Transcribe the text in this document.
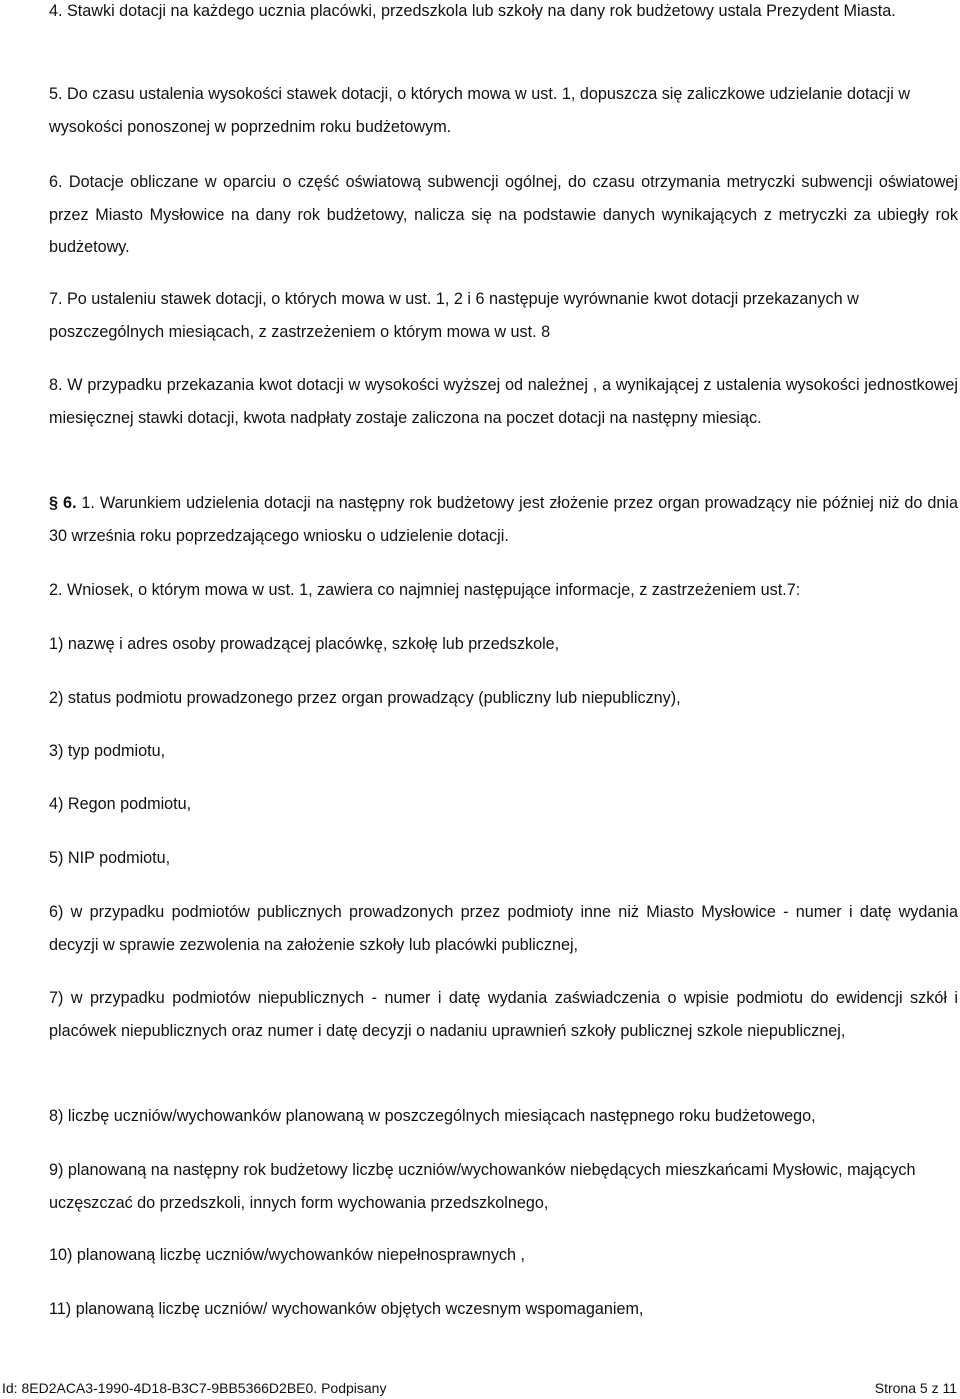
4. Stawki dotacji na każdego ucznia placówki, przedszkola lub szkoły na dany rok budżetowy ustala Prezydent Miasta.

5. Do czasu ustalenia wysokości stawek dotacji, o których mowa w ust. 1, dopuszcza się zaliczkowe udzielanie dotacji w wysokości ponoszonej w poprzednim roku budżetowym.

6. Dotacje obliczane w oparciu o część oświatową subwencji ogólnej, do czasu otrzymania metryczki subwencji oświatowej przez Miasto Mysłowice na dany rok budżetowy, nalicza się na podstawie danych wynikających z metryczki za ubiegły rok budżetowy.

7. Po ustaleniu stawek dotacji, o których mowa w ust. 1, 2 i 6 następuje wyrównanie kwot dotacji przekazanych w poszczególnych miesiącach, z zastrzeżeniem o którym mowa w ust. 8

8. W przypadku przekazania kwot dotacji w wysokości wyższej od należnej , a wynikającej z ustalenia wysokości jednostkowej miesięcznej stawki dotacji, kwota nadpłaty zostaje zaliczona na poczet dotacji na następny miesiąc.

§ 6. 1. Warunkiem udzielenia dotacji na następny rok budżetowy jest złożenie przez organ prowadzący nie później niż do dnia 30 września roku poprzedzającego wniosku o udzielenie dotacji.

2. Wniosek, o którym mowa w ust. 1, zawiera co najmniej następujące informacje, z zastrzeżeniem ust.7:

1) nazwę i adres osoby prowadzącej placówkę, szkołę lub przedszkole,

2) status podmiotu prowadzonego przez organ prowadzący (publiczny lub niepubliczny),

3) typ podmiotu,

4) Regon podmiotu,

5) NIP podmiotu,

6) w przypadku podmiotów publicznych prowadzonych przez podmioty inne niż Miasto Mysłowice - numer i datę wydania decyzji w sprawie zezwolenia na założenie szkoły lub placówki publicznej,

7) w przypadku podmiotów niepublicznych - numer i datę wydania zaświadczenia o wpisie podmiotu do ewidencji szkół i placówek niepublicznych oraz numer i datę decyzji o nadaniu uprawnień szkoły publicznej szkole niepublicznej,

8) liczbę uczniów/wychowanków planowaną w poszczególnych miesiącach następnego roku budżetowego,

9) planowaną na następny rok budżetowy liczbę uczniów/wychowanków niebędących mieszkańcami Mysłowic, mających uczęszczać do przedszkoli, innych form wychowania przedszkolnego,

10) planowaną liczbę uczniów/wychowanków niepełnosprawnych ,

11) planowaną liczbę uczniów/ wychowanków objętych wczesnym wspomaganiem,

Id: 8ED2ACA3-1990-4D18-B3C7-9BB5366D2BE0. Podpisany	Strona 5 z 11
